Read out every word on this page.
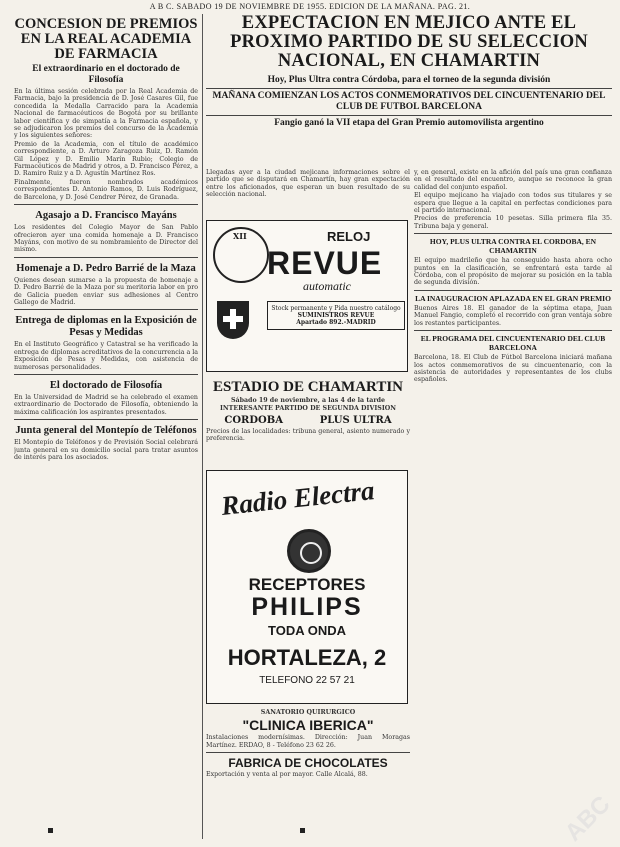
A B C. SABADO 19 DE NOVIEMBRE DE 1955. EDICION DE LA MAÑANA. PAG. 21.
CONCESION DE PREMIOS EN LA REAL ACADEMIA DE FARMACIA
El extraordinario en el doctorado de Filosofía
En la última sesión celebrada por la Real Academia de Farmacia, bajo la presidencia de D. José Casares Gil, fue concedida la Medalla Carracido para la Academia Nacional de farmacéuticos de Bogotá por su brillante labor científica y de simpatía a la Farmacia española, y se adjudicaron los premios del concurso de la Academia y los siguientes señores:
Premio de la Academia, con el título de académico correspondiente, a D. Arturo Zaragoza Ruiz, D. Ramón Gil López y D. Emilio Marín Rubio; Colegio de Farmacéuticos de Madrid y otros, a D. Francisco Pérez, a D. Ramiro Ruiz y a D. Agustín Martínez Ros.
Finalmente, fueron nombrados académicos correspondientes D. Antonio Ramos, D. Luis Rodríguez, de Barcelona, y D. José Cendrer Pérez, de Granada.
Agasajo a D. Francisco Mayáns
Los residentes del Colegio Mayor de San Pablo ofrecieron ayer una comida homenaje a D. Francisco Mayáns, con motivo de su nombramiento de Director del mismo.
Homenaje a D. Pedro Barrié de la Maza
Quienes desean sumarse a la propuesta de homenaje a D. Pedro Barrié de la Maza por su meritoria labor en pro de Galicia pueden enviar sus adhesiones al Centro Gallego de Madrid.
Entrega de diplomas en la Exposición de Pesas y Medidas
En el Instituto Geográfico y Catastral se ha verificado la entrega de diplomas acreditativos de la concurrencia a la Exposición de Pesas y Medidas, con asistencia de numerosas personalidades.
El doctorado de Filosofía
En la Universidad de Madrid se ha celebrado el examen extraordinario de Doctorado de Filosofía, obteniendo la máxima calificación los aspirantes presentados.
Junta general del Montepío de Teléfonos
El Montepío de Teléfonos y de Previsión Social celebrará junta general en su domicilio social para tratar asuntos de interés para los asociados.
EXPECTACION EN MEJICO ANTE EL PROXIMO PARTIDO DE SU SELECCION NACIONAL, EN CHAMARTIN
Hoy, Plus Ultra contra Córdoba, para el torneo de la segunda división
MAÑANA COMIENZAN LOS ACTOS CONMEMORATIVOS DEL CINCUENTENARIO DEL CLUB DE FUTBOL BARCELONA
Fangio ganó la VII etapa del Gran Premio automovilista argentino
Llegadas ayer a la ciudad mejicana informaciones sobre el partido que se disputará en Chamartín, hay gran expectación entre los aficionados, que esperan un buen resultado de su selección nacional.
XII	RELOJ
REVUE
automatic
Stock permanente y Pida nuestro catálogo
SUMINISTROS REVUE
Apartado 892.-MADRID
ESTADIO DE CHAMARTIN
Sábado 19 de noviembre, a las 4 de la tarde
INTERESANTE PARTIDO DE SEGUNDA DIVISION
CORDOBA	PLUS ULTRA
Precios de las localidades: tribuna general, asiento numerado y preferencia.
Radio Electra
RECEPTORES
PHILIPS
TODA ONDA
HORTALEZA, 2
TELEFONO 22 57 21
SANATORIO QUIRURGICO
"CLINICA IBERICA"
Instalaciones modernísimas. Dirección: Juan Moragas Martínez. ERDAO, 8 - Teléfono 23 62 26.
FABRICA DE CHOCOLATES
Exportación y venta al por mayor. Calle Alcalá, 88.
y, en general, existe en la afición del país una gran confianza en el resultado del encuentro, aunque se reconoce la gran calidad del conjunto español.
El equipo mejicano ha viajado con todos sus titulares y se espera que llegue a la capital en perfectas condiciones para el partido internacional.
Precios de preferencia 10 pesetas. Silla primera fila 35. Tribuna baja y general.
HOY, PLUS ULTRA CONTRA EL CORDOBA, EN CHAMARTIN
El equipo madrileño que ha conseguido hasta ahora ocho puntos en la clasificación, se enfrentará esta tarde al Córdoba, con el propósito de mejorar su posición en la tabla de segunda división.
LA INAUGURACION APLAZADA EN EL GRAN PREMIO
Buenos Aires 18. El ganador de la séptima etapa, Juan Manuel Fangio, completó el recorrido con gran ventaja sobre los restantes participantes.
EL PROGRAMA DEL CINCUENTENARIO DEL CLUB BARCELONA
Barcelona, 18. El Club de Fútbol Barcelona iniciará mañana los actos conmemorativos de su cincuentenario, con la asistencia de autoridades y representantes de los clubs españoles.
ABC
